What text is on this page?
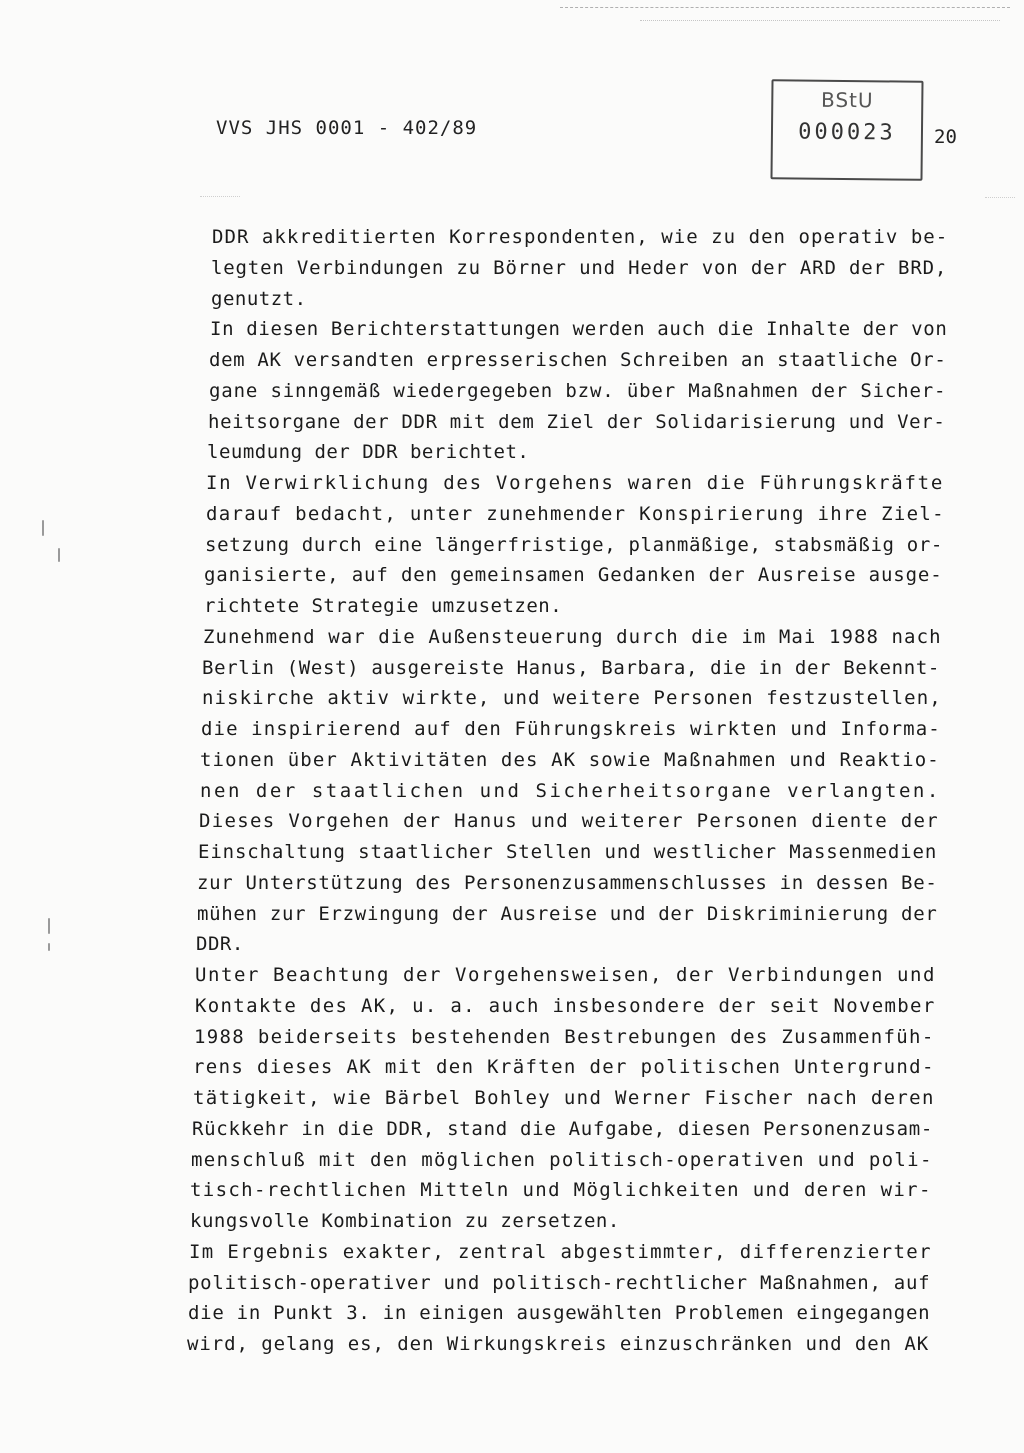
VVS JHS 0001 - 402/89
BStU
000023	20
DDR akkreditierten Korrespondenten, wie zu den operativ be-
legten Verbindungen zu Börner und Heder von der ARD der BRD,
genutzt.
In diesen Berichterstattungen werden auch die Inhalte der von
dem AK versandten erpresserischen Schreiben an staatliche Or-
gane sinngemäß wiedergegeben bzw. über Maßnahmen der Sicher-
heitsorgane der DDR mit dem Ziel der Solidarisierung und Ver-
leumdung der DDR berichtet.
In Verwirklichung des Vorgehens waren die Führungskräfte
darauf bedacht, unter zunehmender Konspirierung ihre Ziel-
setzung durch eine längerfristige, planmäßige, stabsmäßig or-
ganisierte, auf den gemeinsamen Gedanken der Ausreise ausge-
richtete Strategie umzusetzen.
Zunehmend war die Außensteuerung durch die im Mai 1988 nach
Berlin (West) ausgereiste Hanus, Barbara, die in der Bekennt-
niskirche aktiv wirkte, und weitere Personen festzustellen,
die inspirierend auf den Führungskreis wirkten und Informa-
tionen über Aktivitäten des AK sowie Maßnahmen und Reaktio-
nen der staatlichen und Sicherheitsorgane verlangten.
Dieses Vorgehen der Hanus und weiterer Personen diente der
Einschaltung staatlicher Stellen und westlicher Massenmedien
zur Unterstützung des Personenzusammenschlusses in dessen Be-
mühen zur Erzwingung der Ausreise und der Diskriminierung der
DDR.
Unter Beachtung der Vorgehensweisen, der Verbindungen und
Kontakte des AK, u. a. auch insbesondere der seit November
1988 beiderseits bestehenden Bestrebungen des Zusammenfüh-
rens dieses AK mit den Kräften der politischen Untergrund-
tätigkeit, wie Bärbel Bohley und Werner Fischer nach deren
Rückkehr in die DDR, stand die Aufgabe, diesen Personenzusam-
menschluß mit den möglichen politisch-operativen und poli-
tisch-rechtlichen Mitteln und Möglichkeiten und deren wir-
kungsvolle Kombination zu zersetzen.
Im Ergebnis exakter, zentral abgestimmter, differenzierter
politisch-operativer und politisch-rechtlicher Maßnahmen, auf
die in Punkt 3. in einigen ausgewählten Problemen eingegangen
wird, gelang es, den Wirkungskreis einzuschränken und den AK
